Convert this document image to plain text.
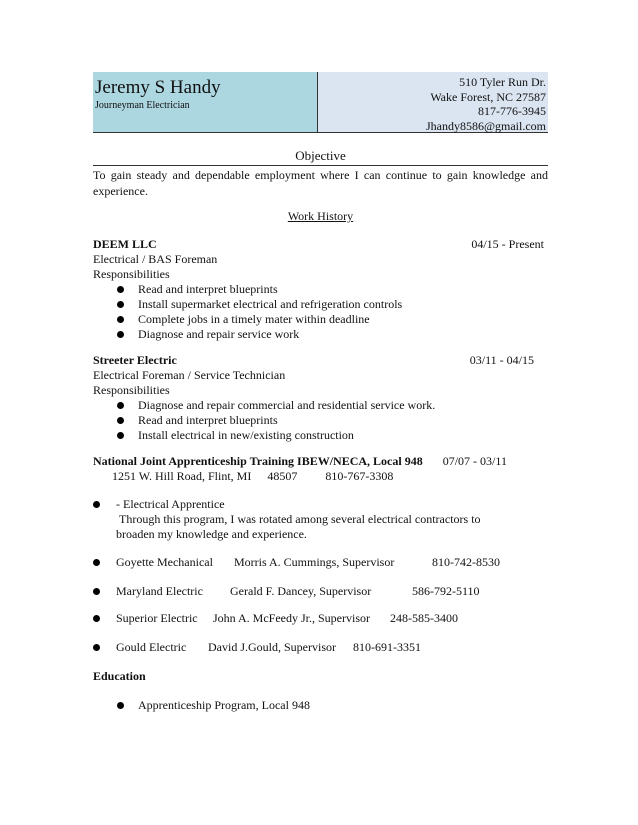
Jeremy S Handy
Journeyman Electrician
510 Tyler Run Dr.
Wake Forest, NC 27587
817-776-3945
Jhandy8586@gmail.com
Objective
To gain steady and dependable employment where I can continue to gain knowledge and experience.
Work History
DEEM LLC	04/15 - Present
Electrical / BAS Foreman
Responsibilities
Read and interpret blueprints
Install supermarket electrical and refrigeration controls
Complete jobs in a timely mater within deadline
Diagnose and repair service work
Streeter Electric	03/11 - 04/15
Electrical Foreman / Service Technician
Responsibilities
Diagnose and repair commercial and residential service work.
Read and interpret blueprints
Install electrical in new/existing construction
National Joint Apprenticeship Training IBEW/NECA, Local 948 07/07 - 03/11
1251 W. Hill Road, Flint, MI 48507 810-767-3308
- Electrical Apprentice
Through this program, I was rotated among several electrical contractors to broaden my knowledge and experience.
Goyette Mechanical	Morris A. Cummings, Supervisor	810-742-8530
Maryland Electric	Gerald F. Dancey, Supervisor	586-792-5110
Superior Electric	John A. McFeedy Jr., Supervisor	248-585-3400
Gould Electric	David J.Gould, Supervisor	810-691-3351
Education
Apprenticeship Program, Local 948
